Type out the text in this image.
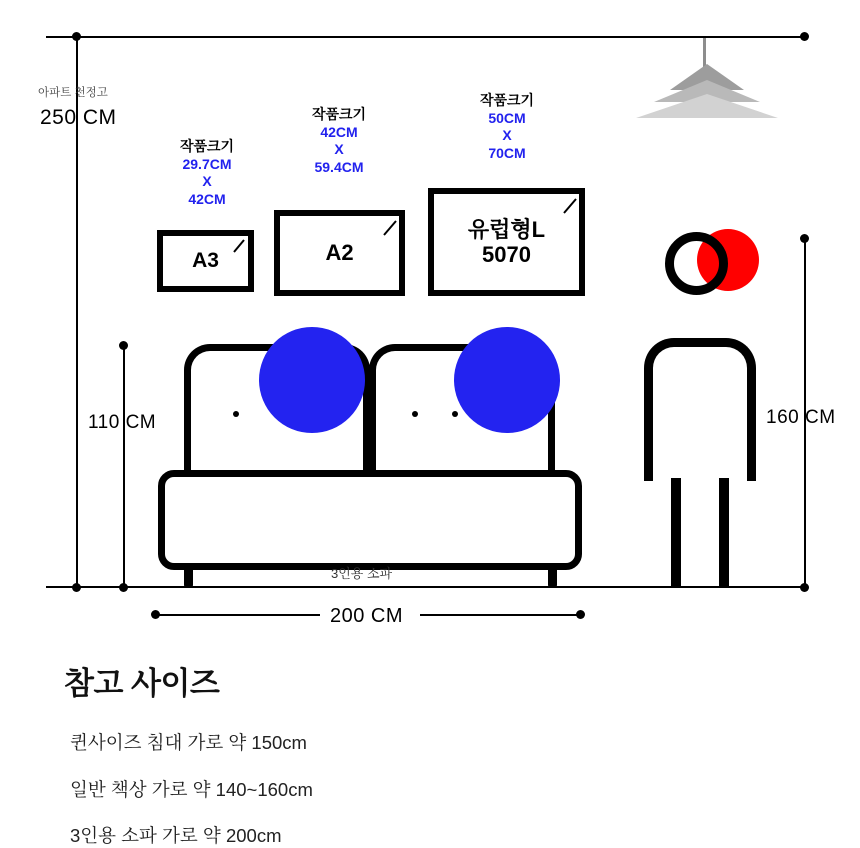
아파트 천정고
250 CM
110 CM	160 CM
200 CM
작품크기
29.7CM
X
42CM
작품크기
42CM
X
59.4CM
작품크기
50CM
X
70CM
A3	A2
유럽형L
5070
3인용 소파
참고 사이즈
퀸사이즈 침대 가로 약 150cm
일반 책상 가로 약 140~160cm
3인용 소파 가로 약 200cm
